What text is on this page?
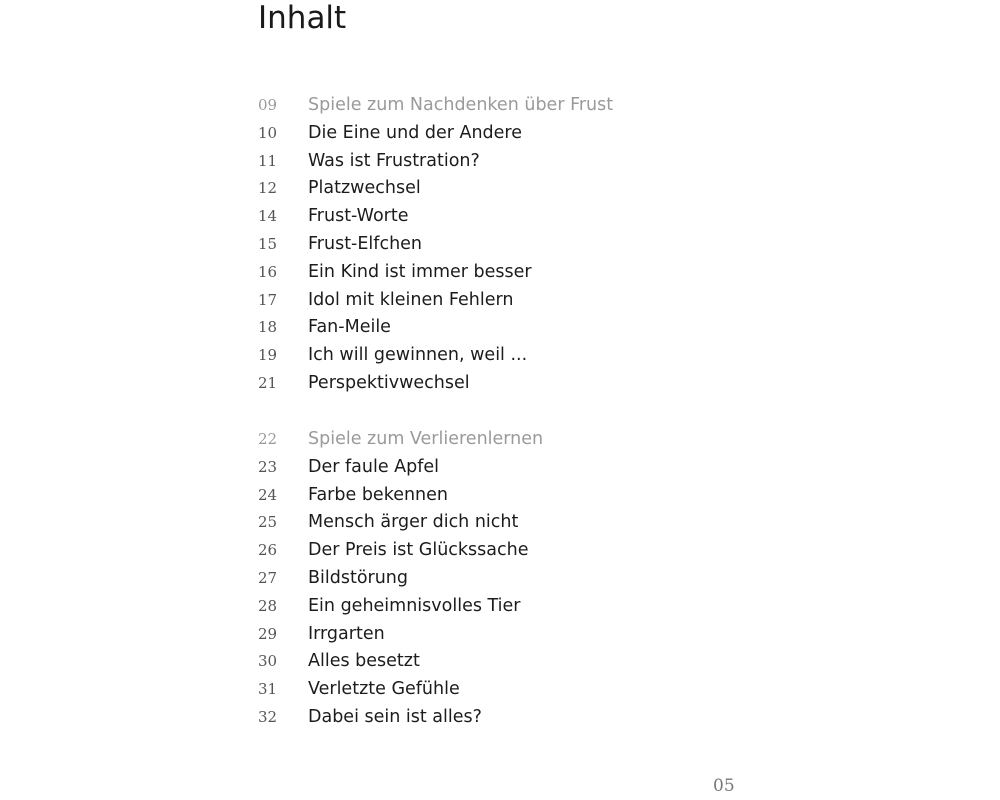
Inhalt
09	Spiele zum Nachdenken über Frust
10	Die Eine und der Andere
11	Was ist Frustration?
12	Platzwechsel
14	Frust-Worte
15	Frust-Elfchen
16	Ein Kind ist immer besser
17	Idol mit kleinen Fehlern
18	Fan-Meile
19	Ich will gewinnen, weil ...
21	Perspektivwechsel
22	Spiele zum Verlierenlernen
23	Der faule Apfel
24	Farbe bekennen
25	Mensch ärger dich nicht
26	Der Preis ist Glückssache
27	Bildstörung
28	Ein geheimnisvolles Tier
29	Irrgarten
30	Alles besetzt
31	Verletzte Gefühle
32	Dabei sein ist alles?
05
